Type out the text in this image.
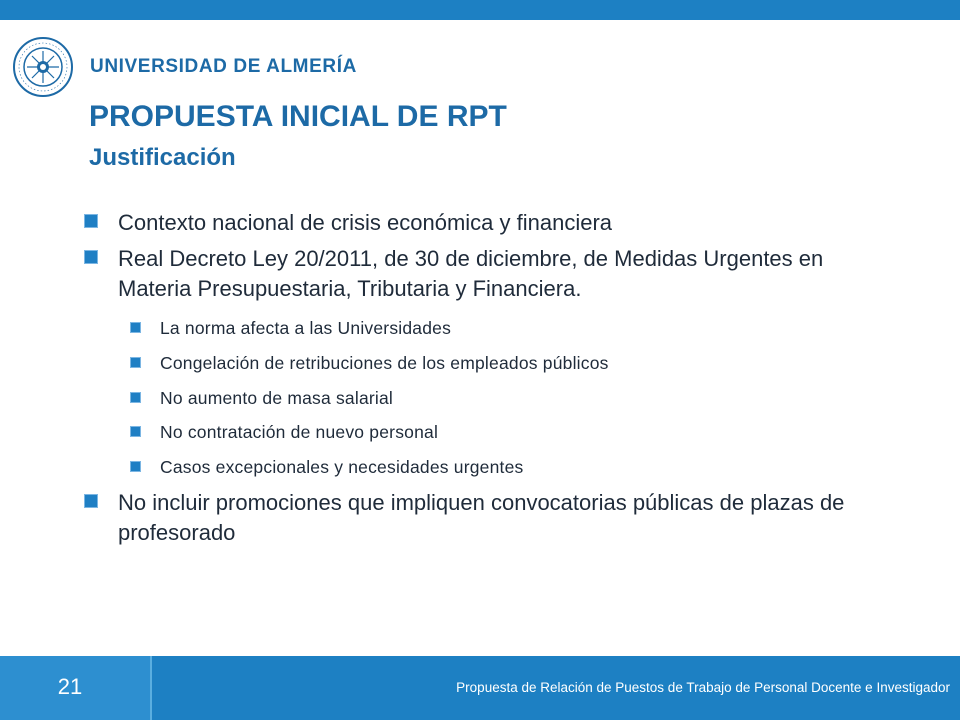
UNIVERSIDAD DE ALMERÍA
PROPUESTA INICIAL DE RPT
Justificación
Contexto nacional de crisis económica y financiera
Real Decreto Ley 20/2011, de 30 de diciembre, de Medidas Urgentes en Materia Presupuestaria, Tributaria y Financiera.
La norma afecta a las Universidades
Congelación de retribuciones de los empleados públicos
No aumento de masa salarial
No contratación de nuevo personal
Casos excepcionales y necesidades urgentes
No incluir promociones que impliquen convocatorias públicas de plazas de profesorado
21	Propuesta de Relación de Puestos de Trabajo de Personal Docente e Investigador
